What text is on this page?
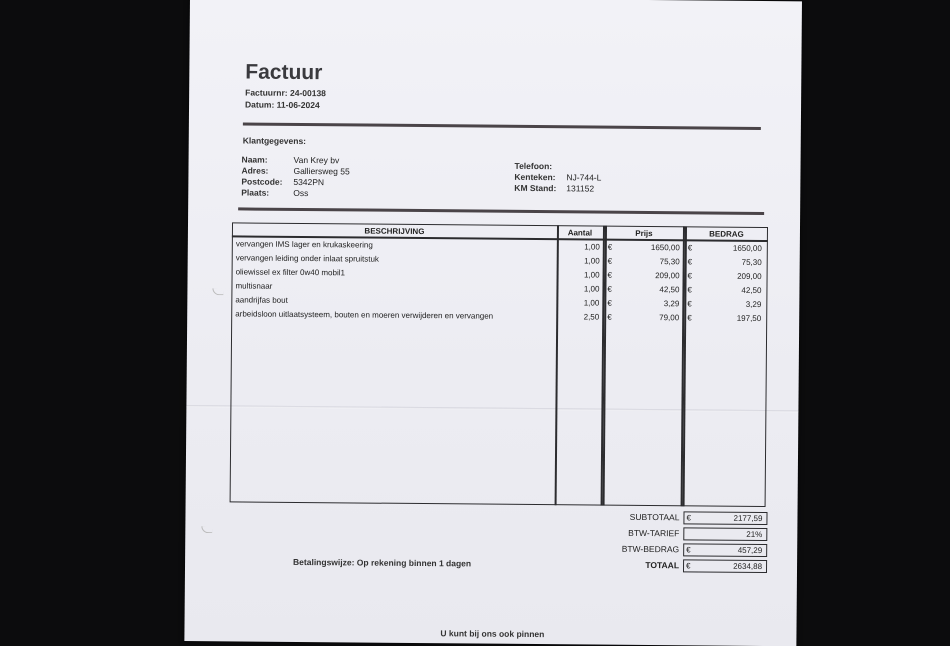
Factuur
Factuurnr: 24-00138
Datum: 11-06-2024
Klantgegevens:
Naam:	Van Krey bv
Adres:	Galliersweg 55
Postcode: 5342PN
Plaats:	Oss
Telefoon:
Kenteken: NJ-744-L
KM Stand: 131152
BESCHRIJVING	Aantal	Prijs	BEDRAG
vervangen IMS lager en krukaskeering	1,00 €	1650,00 €	1650,00
vervangen leiding onder inlaat spruitstuk	1,00 €	75,30 €	75,30
oliewissel ex filter 0w40 mobil1	1,00 €	209,00 €	209,00
multisnaar	1,00 €	42,50 €	42,50
aandrijfas bout	1,00 €	3,29 €	3,29
arbeidsloon uitlaatsysteem, bouten en moeren verwijderen en vervangen	2,50 €	79,00 €	197,50
SUBTOTAAL €	2177,59
BTW-TARIEF	21%
BTW-BEDRAG €	457,29
TOTAAL €	2634,88
Betalingswijze: Op rekening binnen 1 dagen
U kunt bij ons ook pinnen
